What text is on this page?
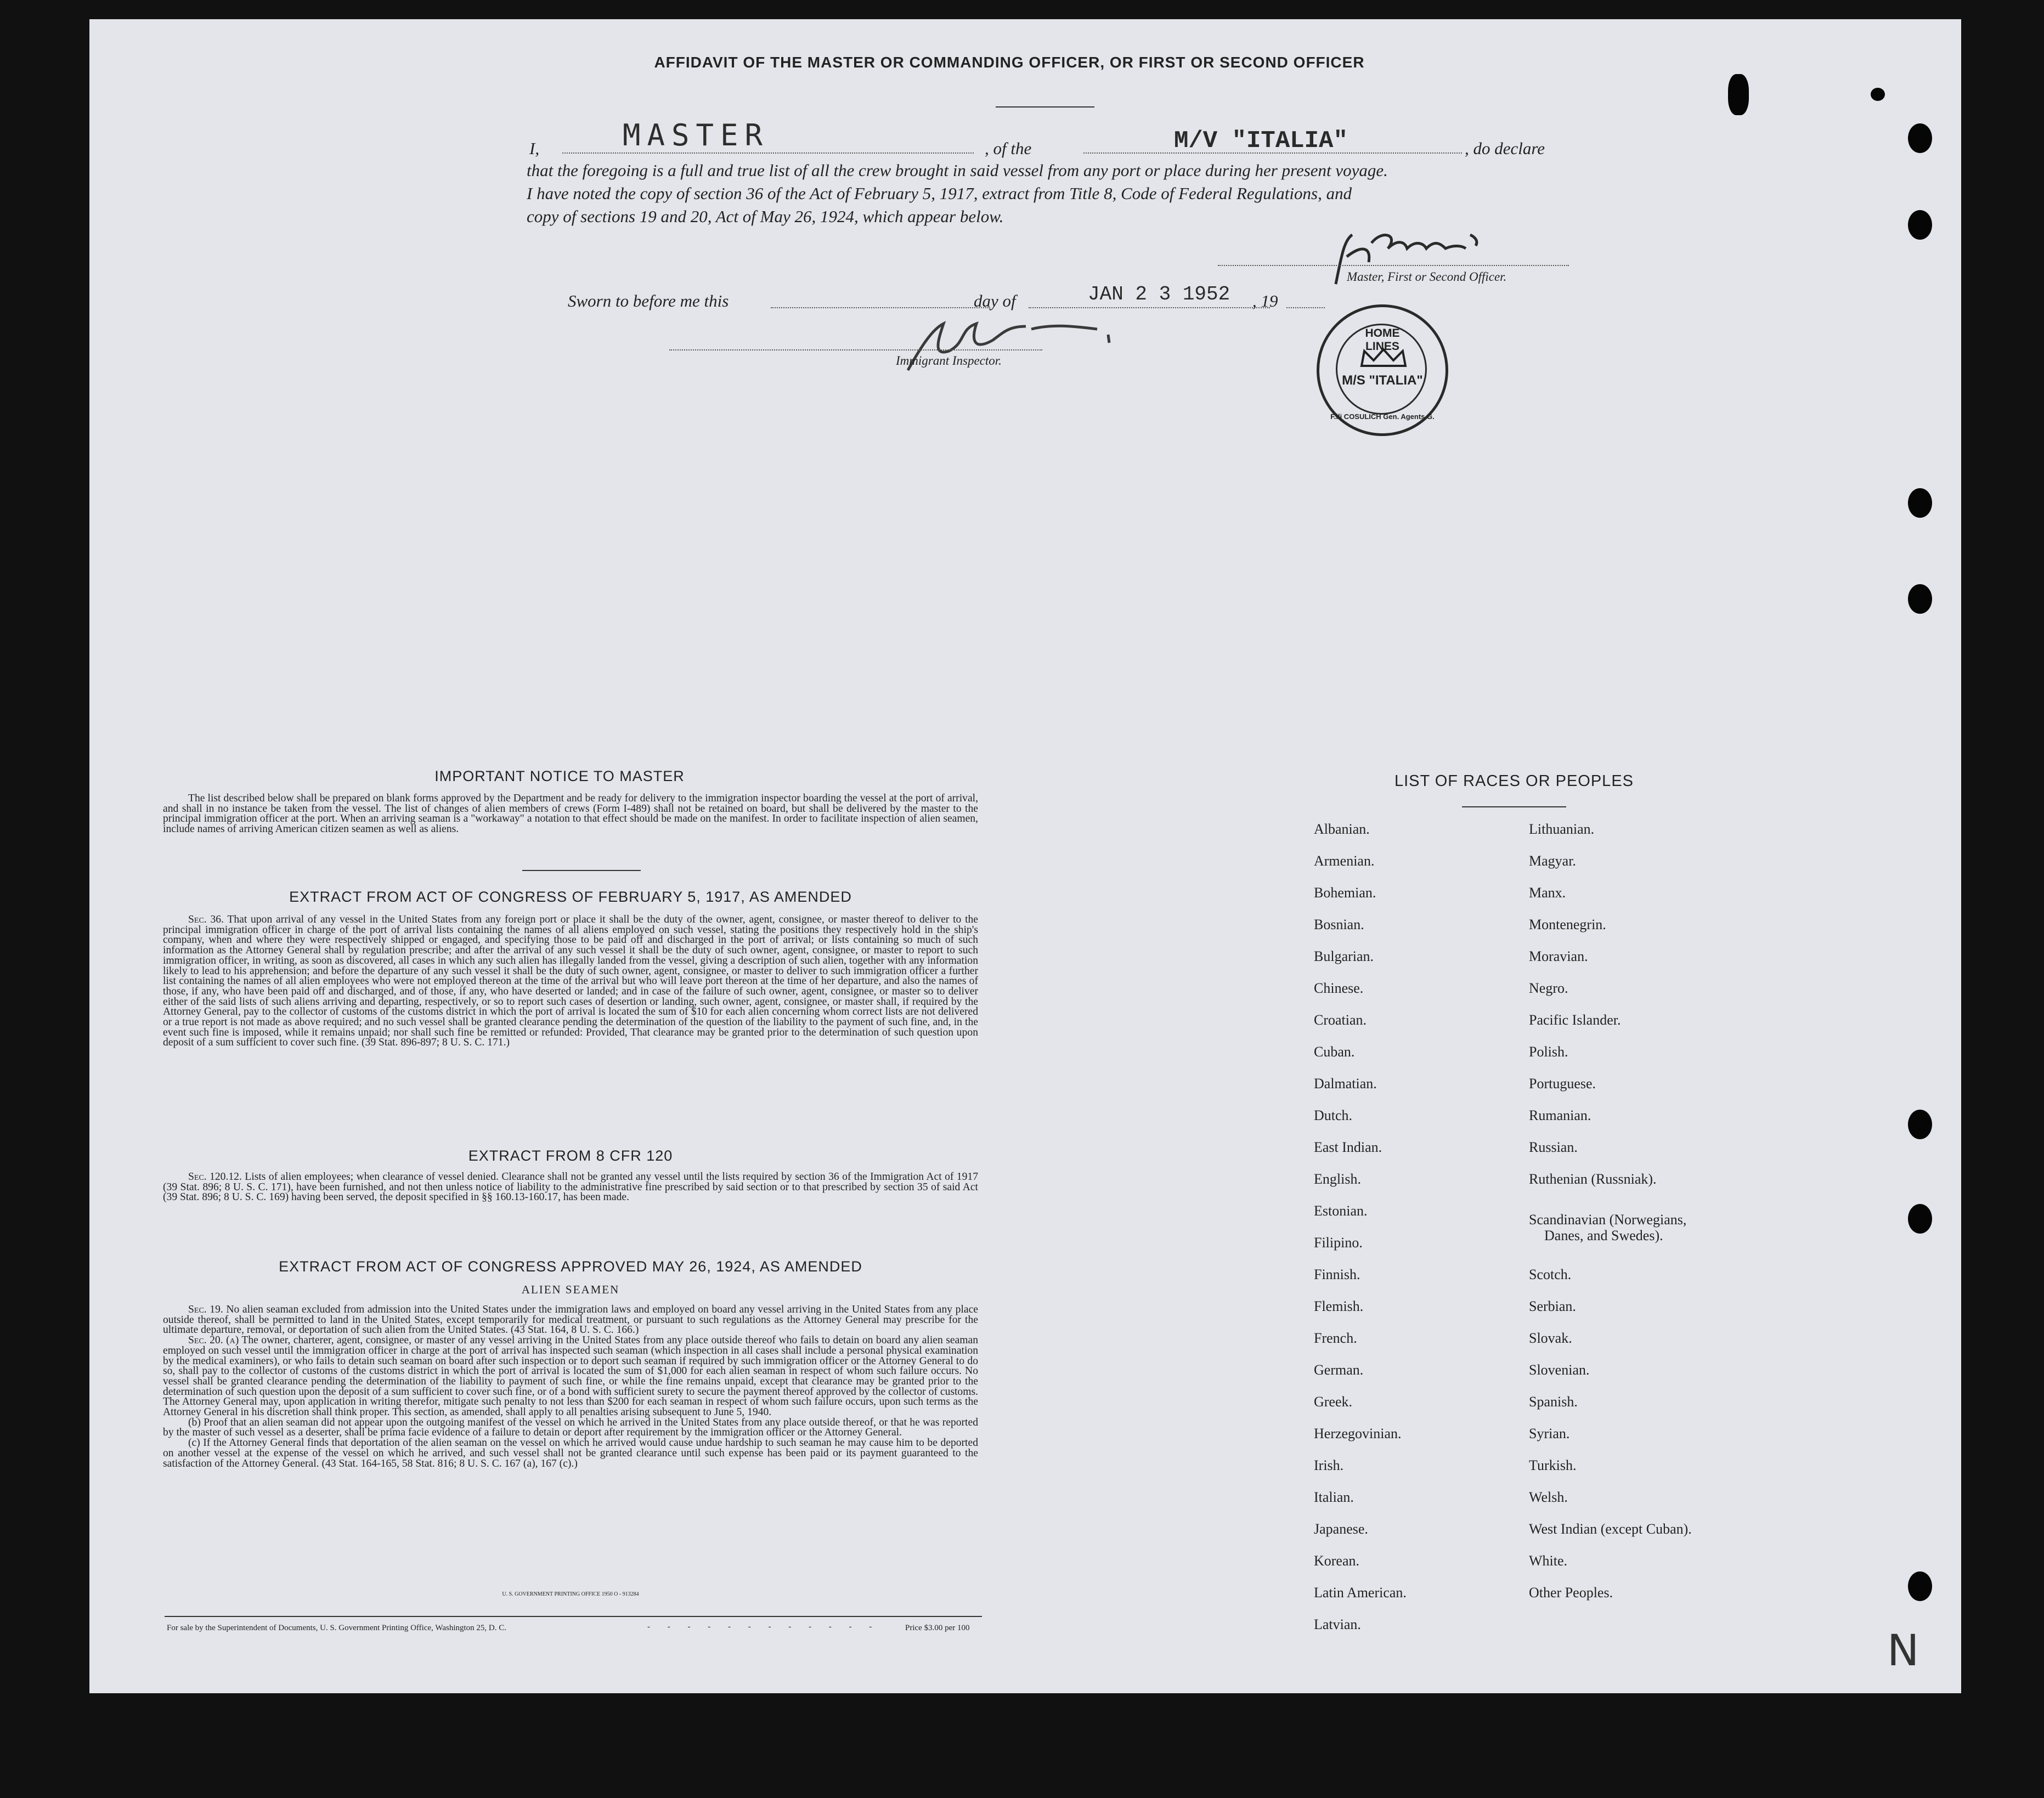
AFFIDAVIT OF THE MASTER OR COMMANDING OFFICER, OR FIRST OR SECOND OFFICER
I,	MASTER	, of the	M/V "ITALIA"	, do declare
that the foregoing is a full and true list of all the crew brought in said vessel from any port or place during her present voyage.
I have noted the copy of section 36 of the Act of February 5, 1917, extract from Title 8, Code of Federal Regulations, and
copy of sections 19 and 20, Act of May 26, 1924, which appear below.
Master, First or Second Officer.
Sworn to before me this	day of	JAN 2 3 1952 , 19
Immigrant Inspector.
HOME LINES
M/S "ITALIA"
F.lli COSULICH Gen. Agents G.
IMPORTANT NOTICE TO MASTER

The list described below shall be prepared on blank forms approved by the Department and be ready for delivery to the immigration inspector boarding the vessel at the port of arrival, and shall in no instance be taken from the vessel. The list of changes of alien members of crews (Form I-489) shall not be retained on board, but shall be delivered by the master to the principal immigration officer at the port. When an arriving seaman is a "workaway" a notation to that effect should be made on the manifest. In order to facilitate inspection of alien seamen, include names of arriving American citizen seamen as well as aliens.

EXTRACT FROM ACT OF CONGRESS OF FEBRUARY 5, 1917, AS AMENDED

Sec. 36. That upon arrival of any vessel in the United States from any foreign port or place it shall be the duty of the owner, agent, consignee, or master thereof to deliver to the principal immigration officer in charge of the port of arrival lists containing the names of all aliens employed on such vessel, stating the positions they respectively hold in the ship's company, when and where they were respectively shipped or engaged, and specifying those to be paid off and discharged in the port of arrival; or lists containing so much of such information as the Attorney General shall by regulation prescribe; and after the arrival of any such vessel it shall be the duty of such owner, agent, consignee, or master to report to such immigration officer, in writing, as soon as discovered, all cases in which any such alien has illegally landed from the vessel, giving a description of such alien, together with any information likely to lead to his apprehension; and before the departure of any such vessel it shall be the duty of such owner, agent, consignee, or master to deliver to such immigration officer a further list containing the names of all alien employees who were not employed thereon at the time of the arrival but who will leave port thereon at the time of her departure, and also the names of those, if any, who have been paid off and discharged, and of those, if any, who have deserted or landed; and in case of the failure of such owner, agent, consignee, or master so to deliver either of the said lists of such aliens arriving and departing, respectively, or so to report such cases of desertion or landing, such owner, agent, consignee, or master shall, if required by the Attorney General, pay to the collector of customs of the customs district in which the port of arrival is located the sum of $10 for each alien concerning whom correct lists are not delivered or a true report is not made as above required; and no such vessel shall be granted clearance pending the determination of the question of the liability to the payment of such fine, and, in the event such fine is imposed, while it remains unpaid; nor shall such fine be remitted or refunded: Provided, That clearance may be granted prior to the determination of such question upon deposit of a sum sufficient to cover such fine. (39 Stat. 896-897; 8 U. S. C. 171.)

EXTRACT FROM 8 CFR 120

Sec. 120.12. Lists of alien employees; when clearance of vessel denied. Clearance shall not be granted any vessel until the lists required by section 36 of the Immigration Act of 1917 (39 Stat. 896; 8 U. S. C. 171), have been furnished, and not then unless notice of liability to the administrative fine prescribed by said section or to that prescribed by section 35 of said Act (39 Stat. 896; 8 U. S. C. 169) having been served, the deposit specified in §§ 160.13-160.17, has been made.

EXTRACT FROM ACT OF CONGRESS APPROVED MAY 26, 1924, AS AMENDED
ALIEN SEAMEN

Sec. 19. No alien seaman excluded from admission into the United States under the immigration laws and employed on board any vessel arriving in the United States from any place outside thereof, shall be permitted to land in the United States, except temporarily for medical treatment, or pursuant to such regulations as the Attorney General may prescribe for the ultimate departure, removal, or deportation of such alien from the United States. (43 Stat. 164, 8 U. S. C. 166.)

Sec. 20. (a) The owner, charterer, agent, consignee, or master of any vessel arriving in the United States from any place outside thereof who fails to detain on board any alien seaman employed on such vessel until the immigration officer in charge at the port of arrival has inspected such seaman (which inspection in all cases shall include a personal physical examination by the medical examiners), or who fails to detain such seaman on board after such inspection or to deport such seaman if required by such immigration officer or the Attorney General to do so, shall pay to the collector of customs of the customs district in which the port of arrival is located the sum of $1,000 for each alien seaman in respect of whom such failure occurs. No vessel shall be granted clearance pending the determination of the liability to payment of such fine, or while the fine remains unpaid, except that clearance may be granted prior to the determination of such question upon the deposit of a sum sufficient to cover such fine, or of a bond with sufficient surety to secure the payment thereof approved by the collector of customs. The Attorney General may, upon application in writing therefor, mitigate such penalty to not less than $200 for each seaman in respect of whom such failure occurs, upon such terms as the Attorney General in his discretion shall think proper. This section, as amended, shall apply to all penalties arising subsequent to June 5, 1940.

(b) Proof that an alien seaman did not appear upon the outgoing manifest of the vessel on which he arrived in the United States from any place outside thereof, or that he was reported by the master of such vessel as a deserter, shall be prima facie evidence of a failure to detain or deport after requirement by the immigration officer or the Attorney General.

(c) If the Attorney General finds that deportation of the alien seaman on the vessel on which he arrived would cause undue hardship to such seaman he may cause him to be deported on another vessel at the expense of the vessel on which he arrived, and such vessel shall not be granted clearance until such expense has been paid or its payment guaranteed to the satisfaction of the Attorney General. (43 Stat. 164-165, 58 Stat. 816; 8 U. S. C. 167 (a), 167 (c).)

U. S. GOVERNMENT PRINTING OFFICE 1950 O - 913284
For sale by the Superintendent of Documents, U. S. Government Printing Office, Washington 25, D. C.	- - - - - - - - - - - -	Price $3.00 per 100
LIST OF RACES OR PEOPLES
Albanian.
Armenian.
Bohemian.
Bosnian.
Bulgarian.
Chinese.
Croatian.
Cuban.
Dalmatian.
Dutch.
East Indian.
English.
Estonian.
Filipino.
Finnish.
Flemish.
French.
German.
Greek.
Herzegovinian.
Irish.
Italian.
Japanese.
Korean.
Latin American.
Latvian.
Lithuanian.
Magyar.
Manx.
Montenegrin.
Moravian.
Negro.
Pacific Islander.
Polish.
Portuguese.
Rumanian.
Russian.
Ruthenian (Russniak).
Scandinavian (Norwegians,
Danes, and Swedes).
Scotch.
Serbian.
Slovak.
Slovenian.
Spanish.
Syrian.
Turkish.
Welsh.
West Indian (except Cuban).
White.
Other Peoples.
N
